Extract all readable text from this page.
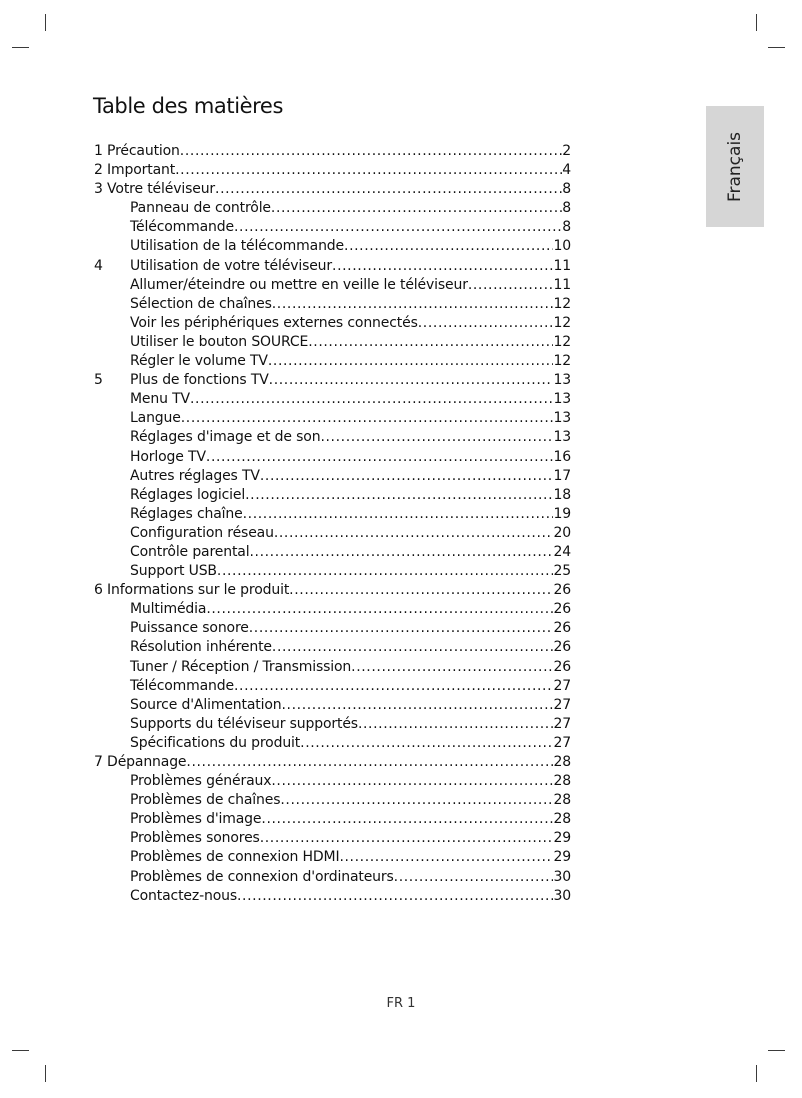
Table des matières
Français
1 Précaution .....	2
2 Important .....	4
3 Votre téléviseur .....	8
Panneau de contrôle .....	8
Télécommande .....	8
Utilisation de la télécommande .....	10
4 Utilisation de votre téléviseur .....	11
Allumer/éteindre ou mettre en veille le téléviseur .....	11
Sélection de chaînes .....	12
Voir les périphériques externes connectés .....	12
Utiliser le bouton SOURCE .....	12
Régler le volume TV .....	12
5 Plus de fonctions TV .....	13
Menu TV .....	13
Langue .....	13
Réglages d'image et de son .....	13
Horloge TV .....	16
Autres réglages TV .....	17
Réglages logiciel .....	18
Réglages chaîne .....	19
Configuration réseau .....	20
Contrôle parental .....	24
Support USB .....	25
6 Informations sur le produit .....	26
Multimédia .....	26
Puissance sonore .....	26
Résolution inhérente .....	26
Tuner / Réception / Transmission .....	26
Télécommande .....	27
Source d'Alimentation .....	27
Supports du téléviseur supportés .....	27
Spécifications du produit .....	27
7 Dépannage .....	28
Problèmes généraux .....	28
Problèmes de chaînes .....	28
Problèmes d'image .....	28
Problèmes sonores .....	29
Problèmes de connexion HDMI .....	29
Problèmes de connexion d'ordinateurs .....	30
Contactez-nous .....	30
FR 1
